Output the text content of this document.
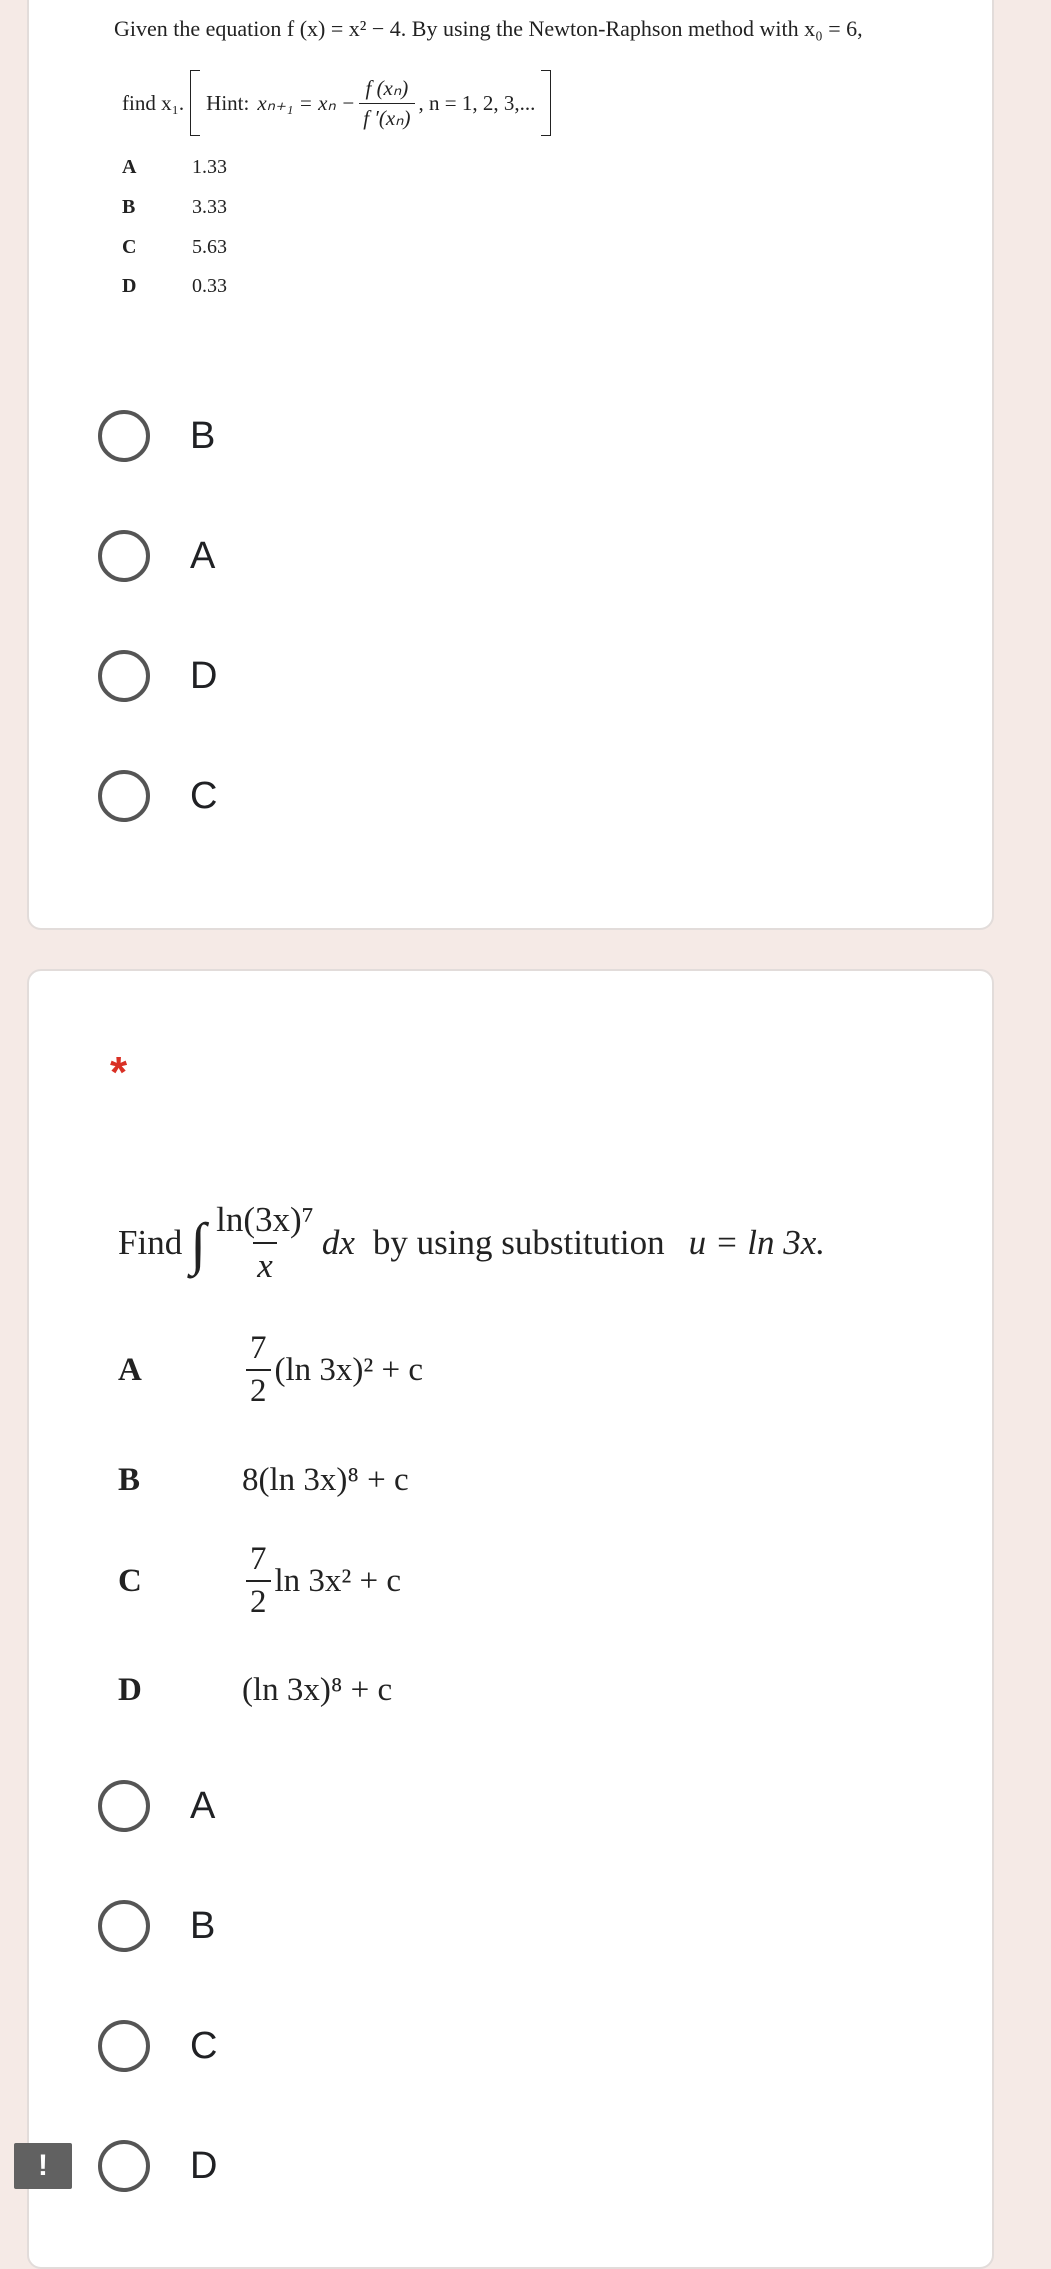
Given the equation f (x) = x² − 4. By using the Newton-Raphson method with x₀ = 6,
find x₁. Hint: $x_{n+1} = x_n - \frac{\text{f (xₙ)}}{\text{f ′(xₙ)}}$ , n = 1, 2, 3,...
A	1.33
B	3.33
C	5.63
D	0.33
B
A
D
C
*
Find ∫ $\frac{\text{ln(3x)⁷}}{x}$ dx by using substitution u = ln 3x.
A	$\frac{7}{2} (\ln$ 3x)² + c
B	8(ln 3x)⁸ + c
C	$\frac{7}{2}$ ln 3x² + c
D	(ln 3x)⁸ + c
A
B
C
D
!
